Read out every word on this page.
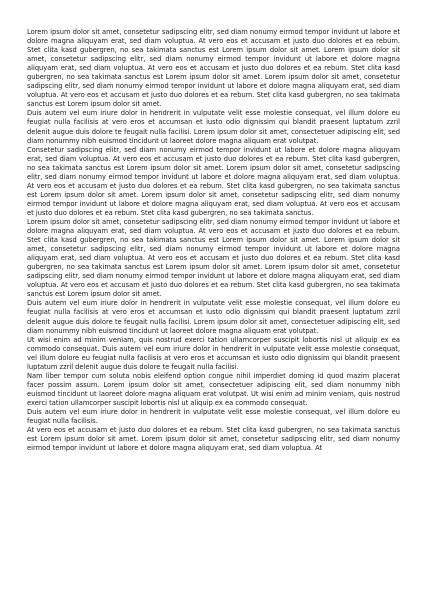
Lorem ipsum dolor sit amet, consetetur sadipscing elitr, sed diam nonumy eirmod tempor invidunt ut labore et dolore magna aliquyam erat, sed diam voluptua. At vero eos et accusam et justo duo dolores et ea rebum. Stet clita kasd gubergren, no sea takimata sanctus est Lorem ipsum dolor sit amet. Lorem ipsum dolor sit amet, consetetur sadipscing elitr, sed diam nonumy eirmod tempor invidunt ut labore et dolore magna aliquyam erat, sed diam voluptua. At vero eos et accusam et justo duo dolores et ea rebum. Stet clita kasd gubergren, no sea takimata sanctus est Lorem ipsum dolor sit amet. Lorem ipsum dolor sit amet, consetetur sadipscing elitr, sed diam nonumy eirmod tempor invidunt ut labore et dolore magna aliquyam erat, sed diam voluptua. At vero eos et accusam et justo duo dolores et ea rebum. Stet clita kasd gubergren, no sea takimata sanctus est Lorem ipsum dolor sit amet.

Duis autem vel eum iriure dolor in hendrerit in vulputate velit esse molestie consequat, vel illum dolore eu feugiat nulla facilisis at vero eros et accumsan et iusto odio dignissim qui blandit praesent luptatum zzril delenit augue duis dolore te feugait nulla facilisi. Lorem ipsum dolor sit amet, consectetuer adipiscing elit, sed diam nonummy nibh euismod tincidunt ut laoreet dolore magna aliquam erat volutpat.

Consetetur sadipscing elitr, sed diam nonumy eirmod tempor invidunt ut labore et dolore magna aliquyam erat, sed diam voluptua. At vero eos et accusam et justo duo dolores et ea rebum. Stet clita kasd gubergren, no sea takimata sanctus est Lorem ipsum dolor sit amet. Lorem ipsum dolor sit amet, consetetur sadipscing elitr, sed diam nonumy eirmod tempor invidunt ut labore et dolore magna aliquyam erat, sed diam voluptua. At vero eos et accusam et justo duo dolores et ea rebum. Stet clita kasd gubergren, no sea takimata sanctus est Lorem ipsum dolor sit amet. Lorem ipsum dolor sit amet, consetetur sadipscing elitr, sed diam nonumy eirmod tempor invidunt ut labore et dolore magna aliquyam erat, sed diam voluptua. At vero eos et accusam et justo duo dolores et ea rebum. Stet clita kasd gubergren, no sea takimata sanctus.

Lorem ipsum dolor sit amet, consetetur sadipscing elitr, sed diam nonumy eirmod tempor invidunt ut labore et dolore magna aliquyam erat, sed diam voluptua. At vero eos et accusam et justo duo dolores et ea rebum. Stet clita kasd gubergren, no sea takimata sanctus est Lorem ipsum dolor sit amet. Lorem ipsum dolor sit amet, consetetur sadipscing elitr, sed diam nonumy eirmod tempor invidunt ut labore et dolore magna aliquyam erat, sed diam voluptua. At vero eos et accusam et justo duo dolores et ea rebum. Stet clita kasd gubergren, no sea takimata sanctus est Lorem ipsum dolor sit amet. Lorem ipsum dolor sit amet, consetetur sadipscing elitr, sed diam nonumy eirmod tempor invidunt ut labore et dolore magna aliquyam erat, sed diam voluptua. At vero eos et accusam et justo duo dolores et ea rebum. Stet clita kasd gubergren, no sea takimata sanctus est Lorem ipsum dolor sit amet.

Duis autem vel eum iriure dolor in hendrerit in vulputate velit esse molestie consequat, vel illum dolore eu feugiat nulla facilisis at vero eros et accumsan et iusto odio dignissim qui blandit praesent luptatum zzril delenit augue duis dolore te feugait nulla facilisi. Lorem ipsum dolor sit amet, consectetuer adipiscing elit, sed diam nonummy nibh euismod tincidunt ut laoreet dolore magna aliquam erat volutpat.

Ut wisi enim ad minim veniam, quis nostrud exerci tation ullamcorper suscipit lobortis nisl ut aliquip ex ea commodo consequat. Duis autem vel eum iriure dolor in hendrerit in vulputate velit esse molestie consequat, vel illum dolore eu feugiat nulla facilisis at vero eros et accumsan et iusto odio dignissim qui blandit praesent luptatum zzril delenit augue duis dolore te feugait nulla facilisi.

Nam liber tempor cum soluta nobis eleifend option congue nihil imperdiet doming id quod mazim placerat facer possim assum. Lorem ipsum dolor sit amet, consectetuer adipiscing elit, sed diam nonummy nibh euismod tincidunt ut laoreet dolore magna aliquam erat volutpat. Ut wisi enim ad minim veniam, quis nostrud exerci tation ullamcorper suscipit lobortis nisl ut aliquip ex ea commodo consequat.

Duis autem vel eum iriure dolor in hendrerit in vulputate velit esse molestie consequat, vel illum dolore eu feugiat nulla facilisis.

At vero eos et accusam et justo duo dolores et ea rebum. Stet clita kasd gubergren, no sea takimata sanctus est Lorem ipsum dolor sit amet. Lorem ipsum dolor sit amet, consetetur sadipscing elitr, sed diam nonumy eirmod tempor invidunt ut labore et dolore magna aliquyam erat, sed diam voluptua. At
